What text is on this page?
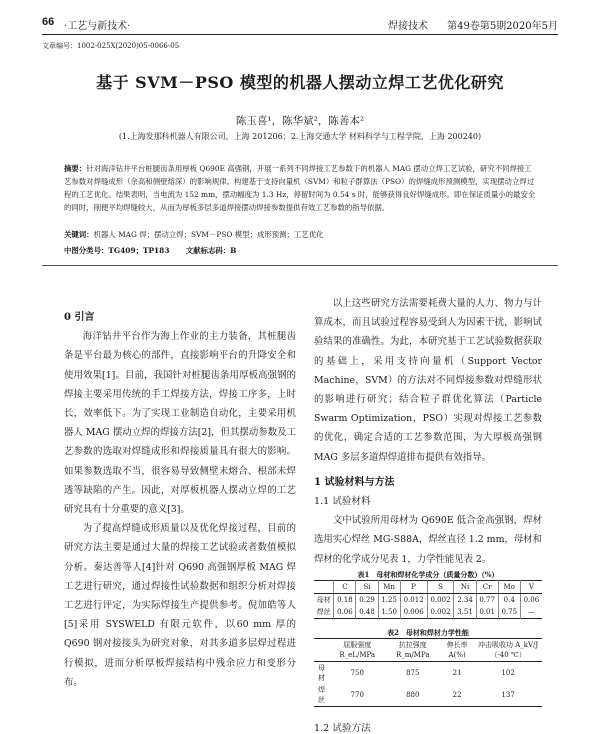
66 ·工艺与新技术·	焊接技术 第49卷第5期2020年5月
文章编号：1002-025X(2020)05-0066-05
基于 SVM－PSO 模型的机器人摆动立焊工艺优化研究
陈玉喜¹，陈华斌²，陈善本²
(1.上海发那科机器人有限公司，上海 201206；2.上海交通大学 材料科学与工程学院，上海 200240)
摘要：针对海洋钻井平台桩腿齿条用厚板 Q690E 高强钢，开展一系列不同焊接工艺参数下的机器人 MAG 摆动立焊工艺试验，研究不同焊接工艺参数对焊缝成形（余高和侧壁熔深）的影响规律。构建基于支持向量机（SVM）和粒子群算法（PSO）的焊缝成形预测模型，实现摆动立焊过程的工艺优化。结果表明，当电流为 152 mm，摆动幅度为 1.3 Hz，停留时间为 0.54 s 时，能够获得良好焊缝成形。即在保证质量小的最安全的同时，削便平均焊缝较大，从而为厚板多层多道焊接摆动焊接参数提供有效工艺参数的指导依据。
关键词：机器人 MAG 焊；摆动立焊；SVM－PSO 模型；成形预测；工艺优化
中图分类号：TG409；TP183 文献标志码：B

0 引言

海洋钻井平台作为海上作业的主力装备，其桩腿齿条是平台最为核心的部件，直接影响平台的升降安全和使用效果[1]。目前，我国针对桩腿齿条用厚板高强钢的焊接主要采用传统的手工焊接方法，焊接工序多，上时长，效率低下。为了实现工业制造自动化，主要采用机器人 MAG 摆动立焊的焊接方法[2]，但其摆动参数及工艺参数的选取对焊缝成形和焊接质量具有很大的影响。如果参数选取不当，很容易导致侧壁未熔合、根部未焊透等缺陷的产生。因此，对厚板机器人摆动立焊的工艺研究具有十分重要的意义[3]。

为了提高焊缝成形质量以及优化焊接过程，目前的研究方法主要是通过大量的焊接工艺试验或者数值模拟分析。秦达善等人[4]针对 Q690 高强钢厚板 MAG 焊工艺进行研究，通过焊接性试验数据和组织分析对焊接工艺进行评定，为实际焊接生产提供参考。倪加皓等人[5]采用 SYSWELD 有限元软件，以60 mm 厚的 Q690 钢对接接头为研究对象，对其多道多层焊过程进行模拟，进而分析厚板焊接结构中残余应力和变形分布。

以上这些研究方法需要耗费大量的人力、物力与计算成本，而且试验过程容易受到人为因素干扰，影响试验结果的准确性。为此，本研究基于工艺试验数据获取的基础上，采用支持向量机（Support Vector Machine，SVM）的方法对不同焊接参数对焊缝形状的影响进行研究；结合粒子群优化算法（Particle Swarm Optimization，PSO）实现对焊接工艺参数的优化，确定合适的工艺参数范围，为大厚板高强钢 MAG 多层多道焊焊道排布提供有效指导。

1 试验材料与方法

1.1 试验材料

文中试验所用母材为 Q690E 低合金高强钢，焊材选用实心焊丝 MG-S88A，焊丝直径 1.2 mm，母材和焊材的化学成分见表 1，力学性能见表 2。

表1　母材和焊材化学成分（质量分数）（%）

	C	Si	Mn	P	S	Ni	Cr	Mo	V
母材	0.18	0.29	1.25	0.012	0.002	2.34	0.77	0.4	0.06
焊丝	0.06	0.48	1.50	0.006	0.002	3.51	0.01	0.75	—

表2　母材和焊材力学性能

	屈服强度 R_eL/MPa	抗拉强度 R_m/MPa	伸长率 A(%)	冲击吸收功 A_kV/J（-40 ℃）
母材	750	875	21	102
焊丝	770	880	22	137
1.2 试验方法
